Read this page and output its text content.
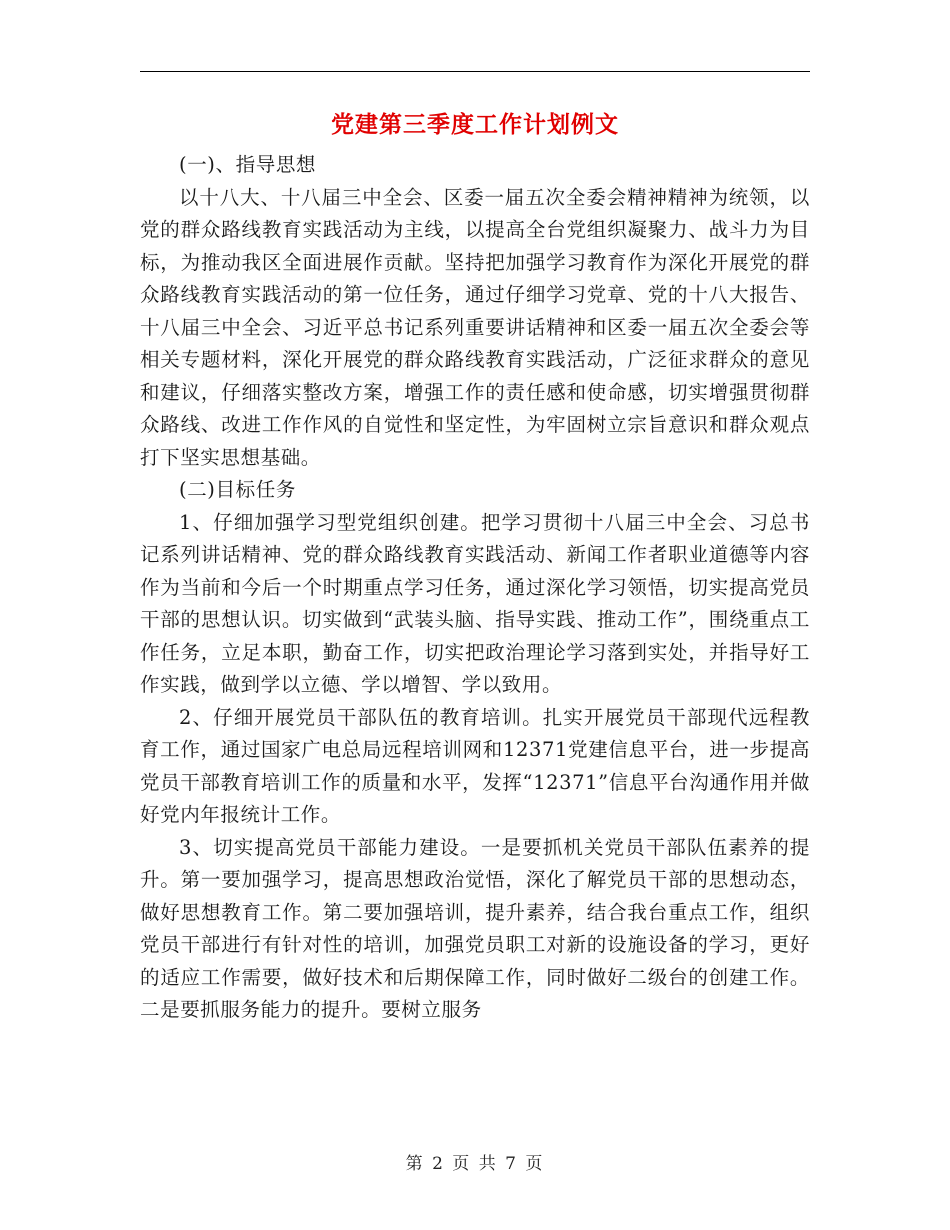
党建第三季度工作计划例文

(一)、指导思想

以十八大、十八届三中全会、区委一届五次全委会精神精神为统领，以党的群众路线教育实践活动为主线，以提高全台党组织凝聚力、战斗力为目标，为推动我区全面进展作贡献。坚持把加强学习教育作为深化开展党的群众路线教育实践活动的第一位任务，通过仔细学习党章、党的十八大报告、十八届三中全会、习近平总书记系列重要讲话精神和区委一届五次全委会等相关专题材料，深化开展党的群众路线教育实践活动，广泛征求群众的意见和建议，仔细落实整改方案，增强工作的责任感和使命感，切实增强贯彻群众路线、改进工作作风的自觉性和坚定性，为牢固树立宗旨意识和群众观点打下坚实思想基础。

(二)目标任务

1、仔细加强学习型党组织创建。把学习贯彻十八届三中全会、习总书记系列讲话精神、党的群众路线教育实践活动、新闻工作者职业道德等内容作为当前和今后一个时期重点学习任务，通过深化学习领悟，切实提高党员干部的思想认识。切实做到“武装头脑、指导实践、推动工作”，围绕重点工作任务，立足本职，勤奋工作，切实把政治理论学习落到实处，并指导好工作实践，做到学以立德、学以增智、学以致用。

2、仔细开展党员干部队伍的教育培训。扎实开展党员干部现代远程教育工作，通过国家广电总局远程培训网和12371党建信息平台，进一步提高党员干部教育培训工作的质量和水平，发挥“12371”信息平台沟通作用并做好党内年报统计工作。

3、切实提高党员干部能力建设。一是要抓机关党员干部队伍素养的提升。第一要加强学习，提高思想政治觉悟，深化了解党员干部的思想动态，做好思想教育工作。第二要加强培训，提升素养，结合我台重点工作，组织党员干部进行有针对性的培训，加强党员职工对新的设施设备的学习，更好的适应工作需要，做好技术和后期保障工作，同时做好二级台的创建工作。二是要抓服务能力的提升。要树立服务

第 2 页 共 7 页
